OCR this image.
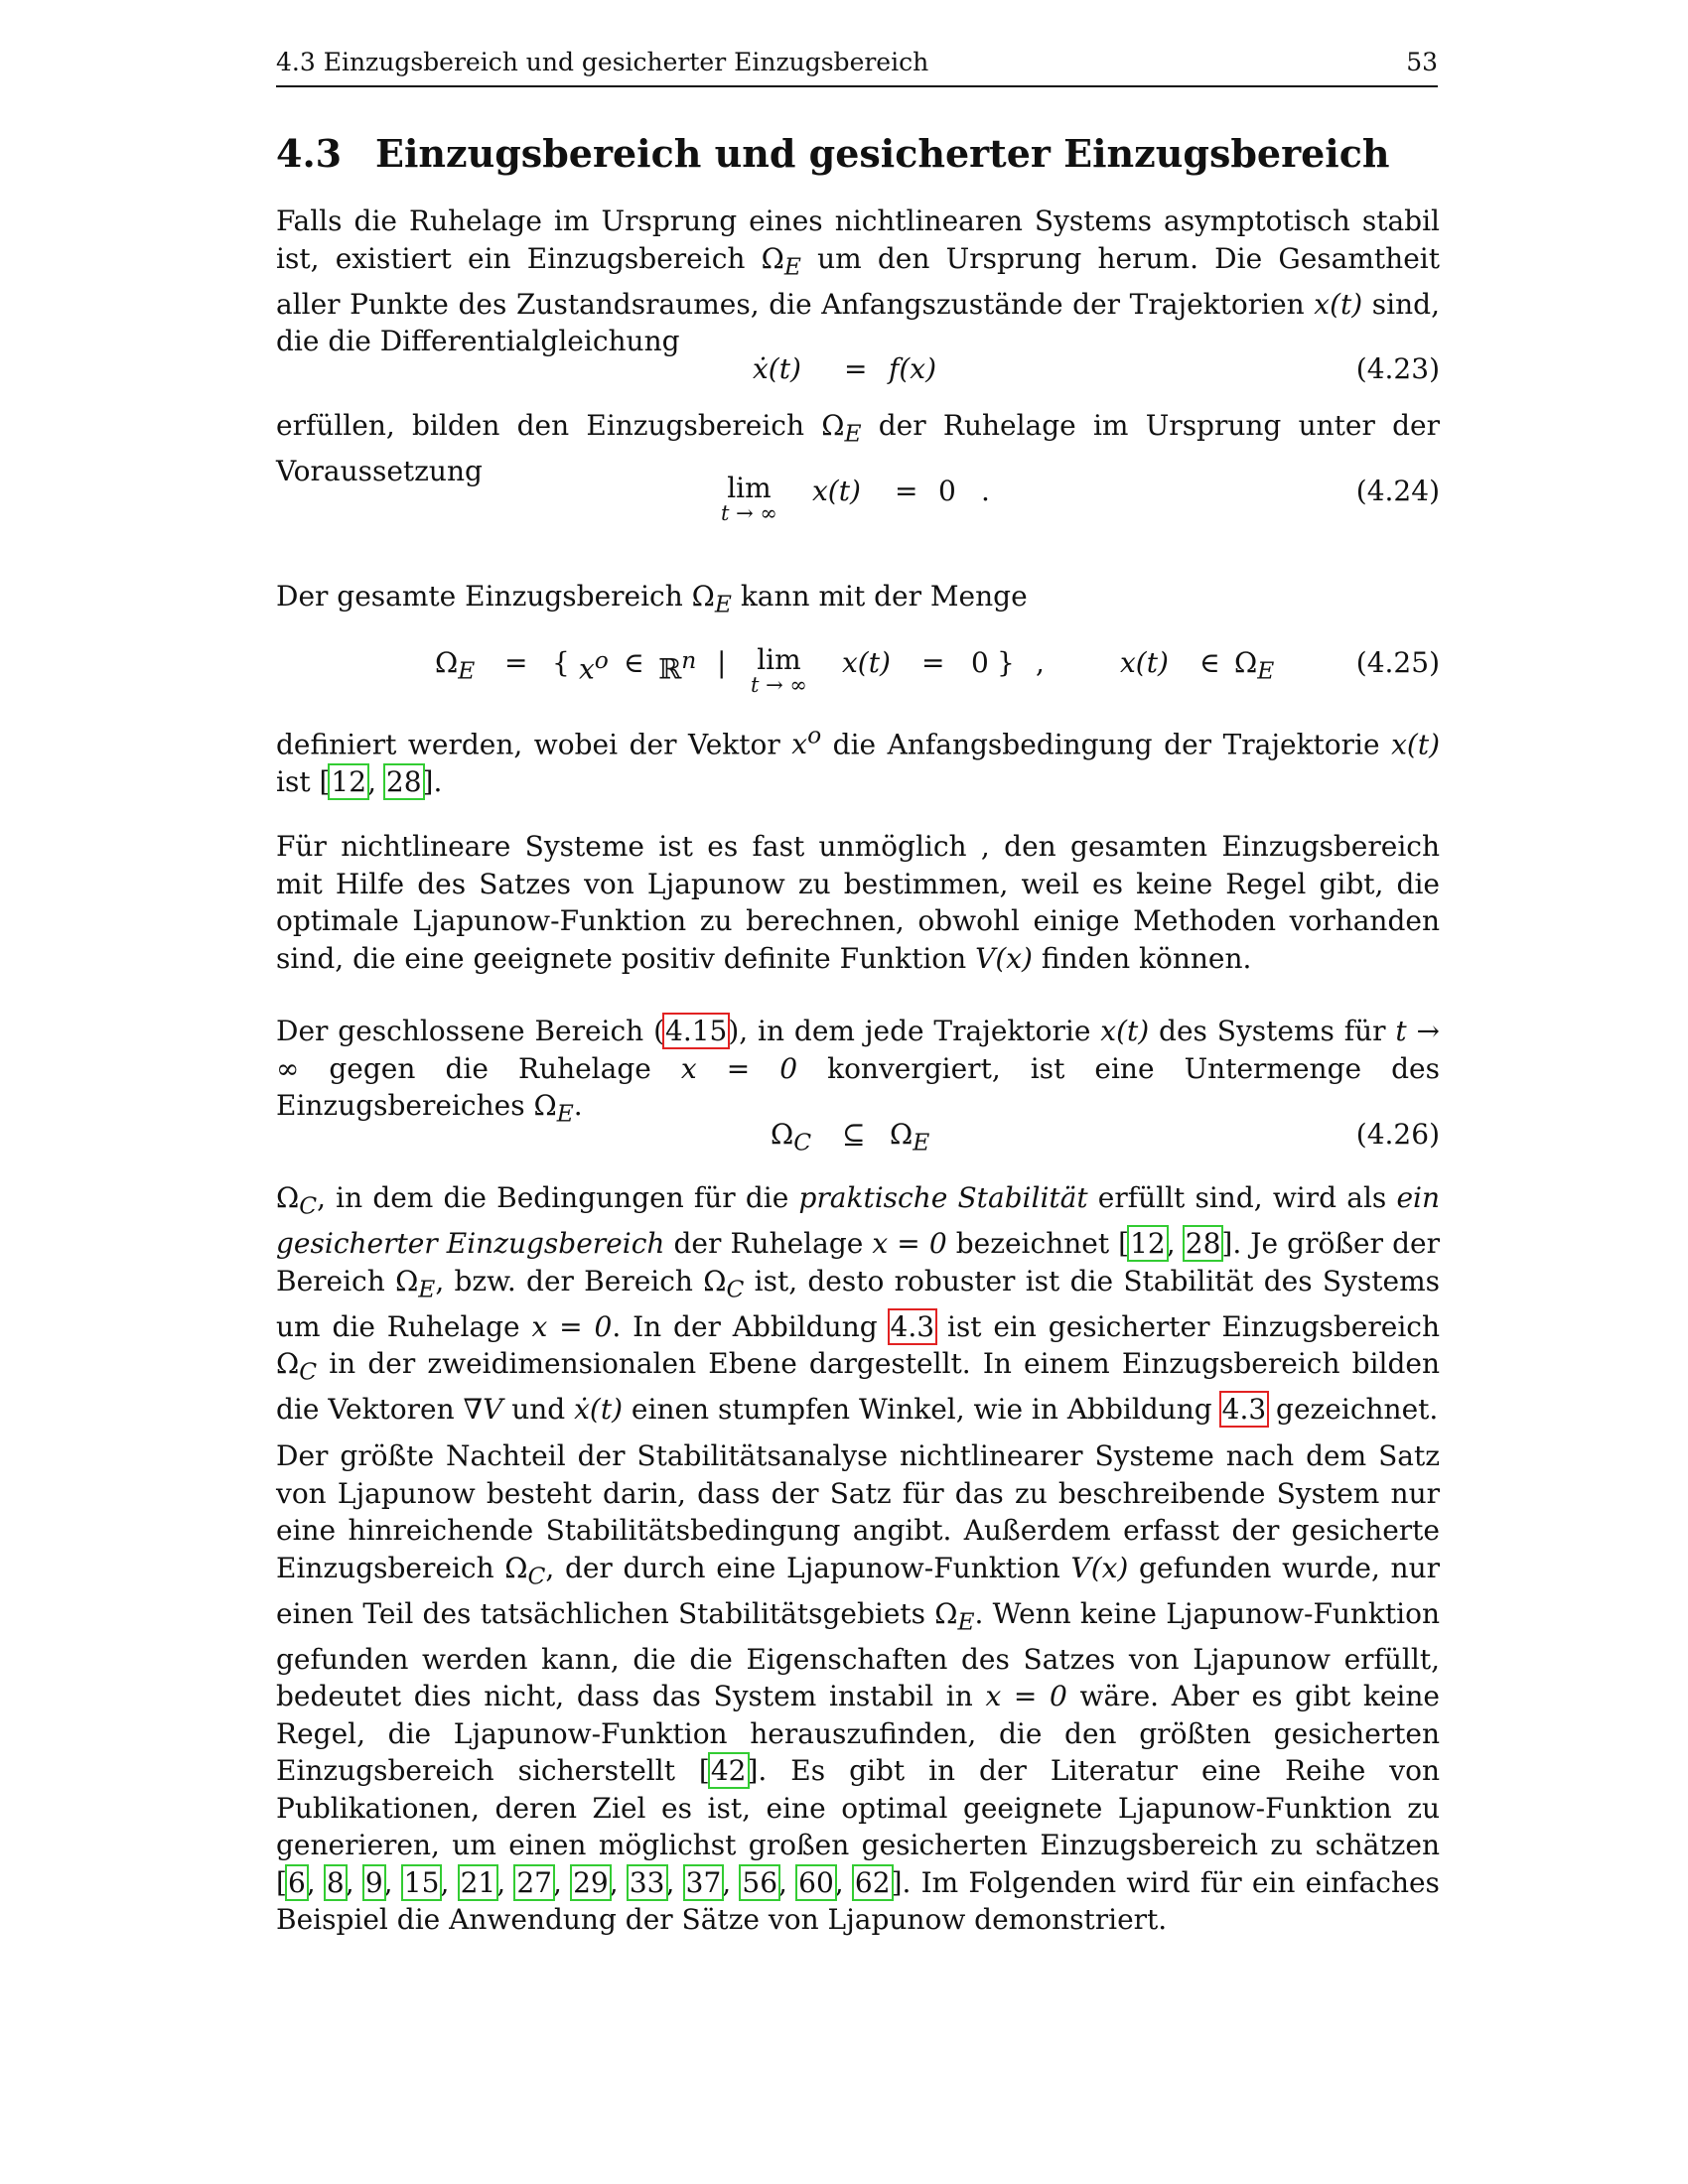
4.3 Einzugsbereich und gesicherter Einzugsbereich	53
4.3 Einzugsbereich und gesicherter Einzugsbereich

Falls die Ruhelage im Ursprung eines nichtlinearen Systems asymptotisch stabil ist, existiert ein Einzugsbereich $\Omega_E$ um den Ursprung herum. Die Gesamtheit aller Punkte des Zustandsraumes, die Anfangszustände der Trajektorien x(t) sind, die die Differentialgleichung

ẋ(t) = f(x)	(4.23)

erfüllen, bilden den Einzugsbereich $\Omega_E$ der Ruhelage im Ursprung unter der Voraussetzung

lim
t → ∞
x(t) = 0 .	(4.24)

Der gesamte Einzugsbereich $\Omega_E$ kann mit der Menge

$\Omega_E$ = { $x^o$ ∈ ℝ$^n$ | lim
t → ∞
x(t) = 0 } ,	x(t) ∈ $\Omega_E$	(4.25)

definiert werden, wobei der Vektor $x^o$ die Anfangsbedingung der Trajektorie x(t) ist [12, 28].

Für nichtlineare Systeme ist es fast unmöglich , den gesamten Einzugsbereich mit Hilfe des Satzes von Ljapunow zu bestimmen, weil es keine Regel gibt, die optimale Ljapunow-Funktion zu berechnen, obwohl einige Methoden vorhanden sind, die eine geeignete positiv definite Funktion V(x) finden können.

Der geschlossene Bereich (4.15), in dem jede Trajektorie x(t) des Systems für t → ∞ gegen die Ruhelage x = 0 konvergiert, ist eine Untermenge des Einzugsbereiches $\Omega_E$.

$\Omega_C$ ⊆ $\Omega_E$	(4.26)

$\Omega_C$, in dem die Bedingungen für die praktische Stabilität erfüllt sind, wird als ein gesicherter Einzugsbereich der Ruhelage x = 0 bezeichnet [12, 28]. Je größer der Bereich $\Omega_E$, bzw. der Bereich $\Omega_C$ ist, desto robuster ist die Stabilität des Systems um die Ruhelage x = 0. In der Abbildung 4.3 ist ein gesicherter Einzugsbereich $\Omega_C$ in der zweidimensionalen Ebene dargestellt. In einem Einzugsbereich bilden die Vektoren ∇V und ẋ(t) einen stumpfen Winkel, wie in Abbildung 4.3 gezeichnet.

Der größte Nachteil der Stabilitätsanalyse nichtlinearer Systeme nach dem Satz von Ljapunow besteht darin, dass der Satz für das zu beschreibende System nur eine hinreichende Stabilitätsbedingung angibt. Außerdem erfasst der gesicherte Einzugsbereich $\Omega_C$, der durch eine Ljapunow-Funktion V(x) gefunden wurde, nur einen Teil des tatsächlichen Stabilitätsgebiets $\Omega_E$. Wenn keine Ljapunow-Funktion gefunden werden kann, die die Eigenschaften des Satzes von Ljapunow erfüllt, bedeutet dies nicht, dass das System instabil in x = 0 wäre. Aber es gibt keine Regel, die Ljapunow-Funktion herauszufinden, die den größten gesicherten Einzugsbereich sicherstellt [42]. Es gibt in der Literatur eine Reihe von Publikationen, deren Ziel es ist, eine optimal geeignete Ljapunow-Funktion zu generieren, um einen möglichst großen gesicherten Einzugsbereich zu schätzen [6, 8, 9, 15, 21, 27, 29, 33, 37, 56, 60, 62]. Im Folgenden wird für ein einfaches Beispiel die Anwendung der Sätze von Ljapunow demonstriert.
